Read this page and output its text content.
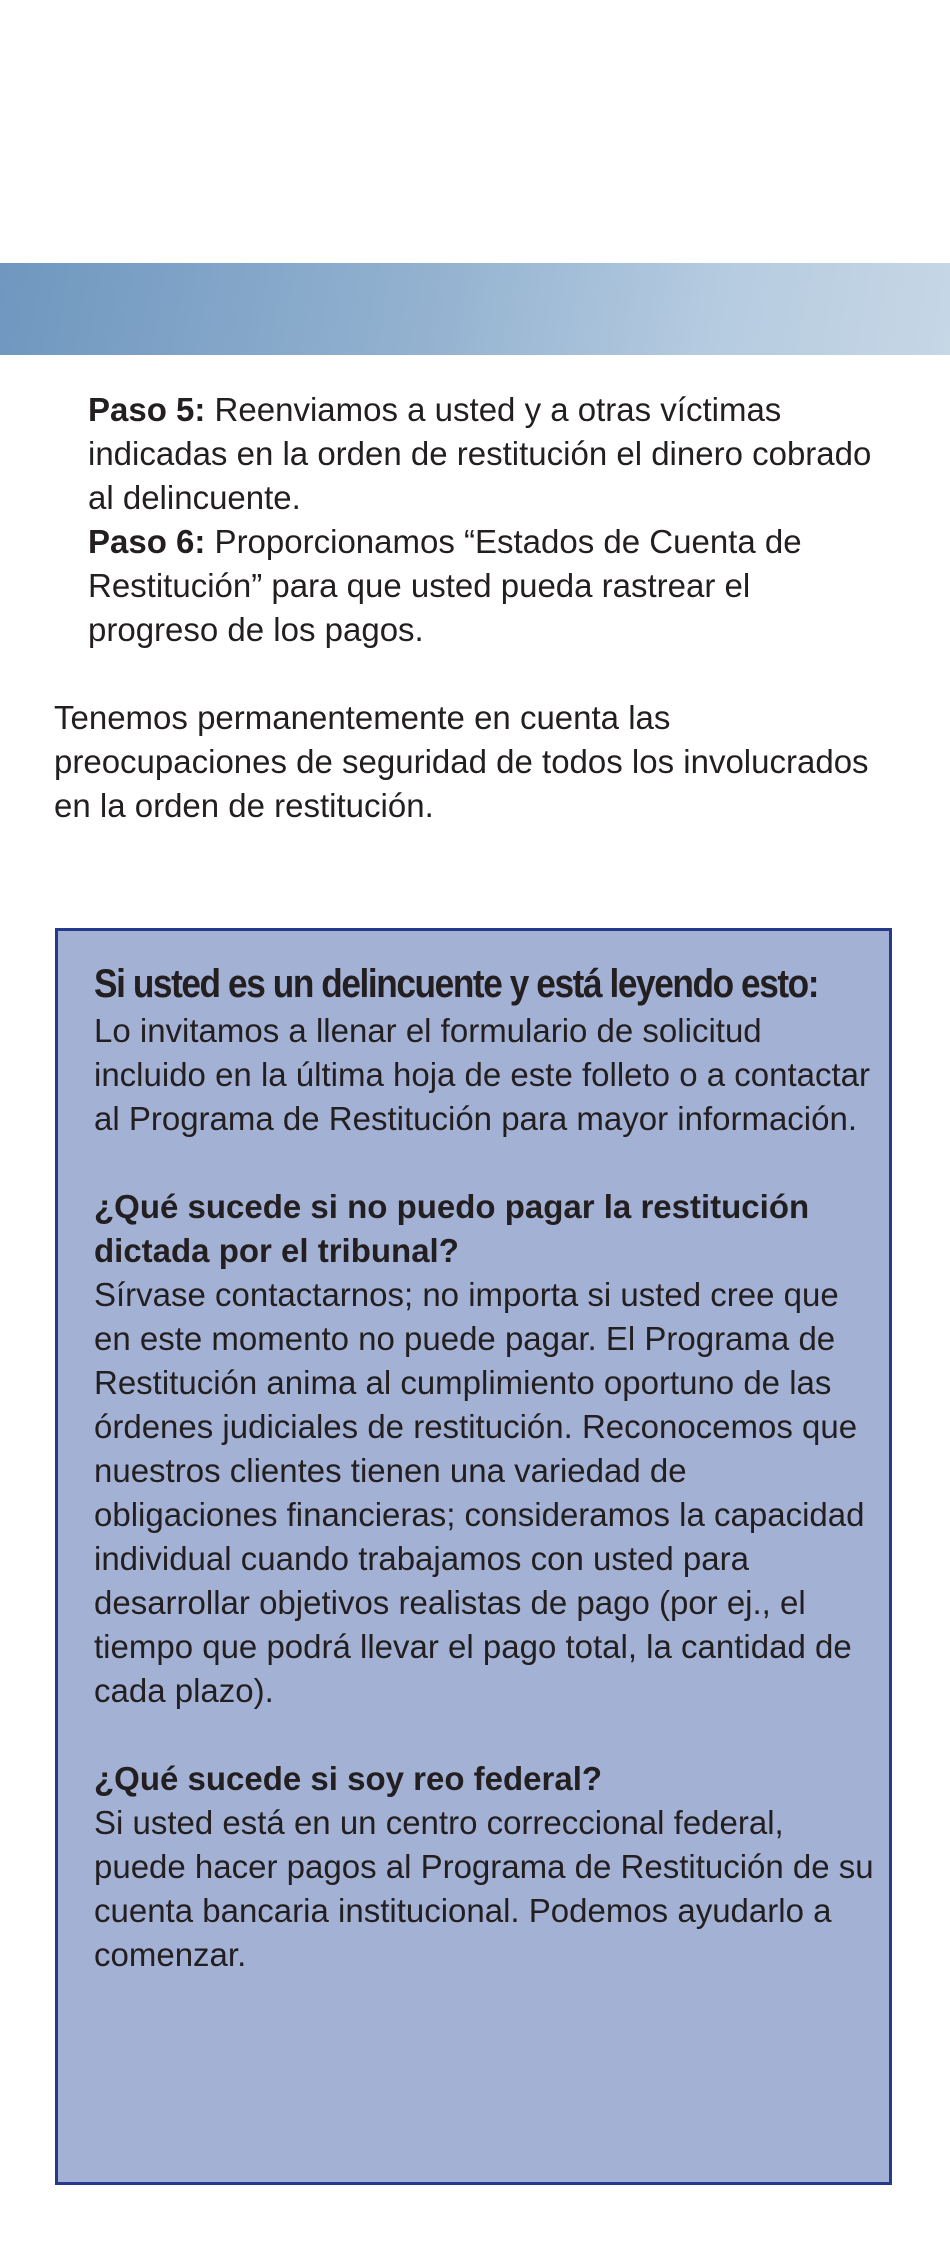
Paso 5: Reenviamos a usted y a otras víctimas indicadas en la orden de restitución el dinero cobrado al delincuente.

Paso 6: Proporcionamos “Estados de Cuenta de Restitución” para que usted pueda rastrear el progreso de los pagos.

Tenemos permanentemente en cuenta las preocupaciones de seguridad de todos los involucrados en la orden de restitución.

Si usted es un delincuente y está leyendo esto:

Lo invitamos a llenar el formulario de solicitud incluido en la última hoja de este folleto o a contactar al Programa de Restitución para mayor información.

¿Qué sucede si no puedo pagar la restitución dictada por el tribunal?

Sírvase contactarnos; no importa si usted cree que en este momento no puede pagar. El Programa de Restitución anima al cumplimiento oportuno de las órdenes judiciales de restitución. Reconocemos que nuestros clientes tienen una variedad de obligaciones financieras; consideramos la capacidad individual cuando trabajamos con usted para desarrollar objetivos realistas de pago (por ej., el tiempo que podrá llevar el pago total, la cantidad de cada plazo).

¿Qué sucede si soy reo federal?

Si usted está en un centro correccional federal, puede hacer pagos al Programa de Restitución de su cuenta bancaria institucional. Podemos ayudarlo a comenzar.
